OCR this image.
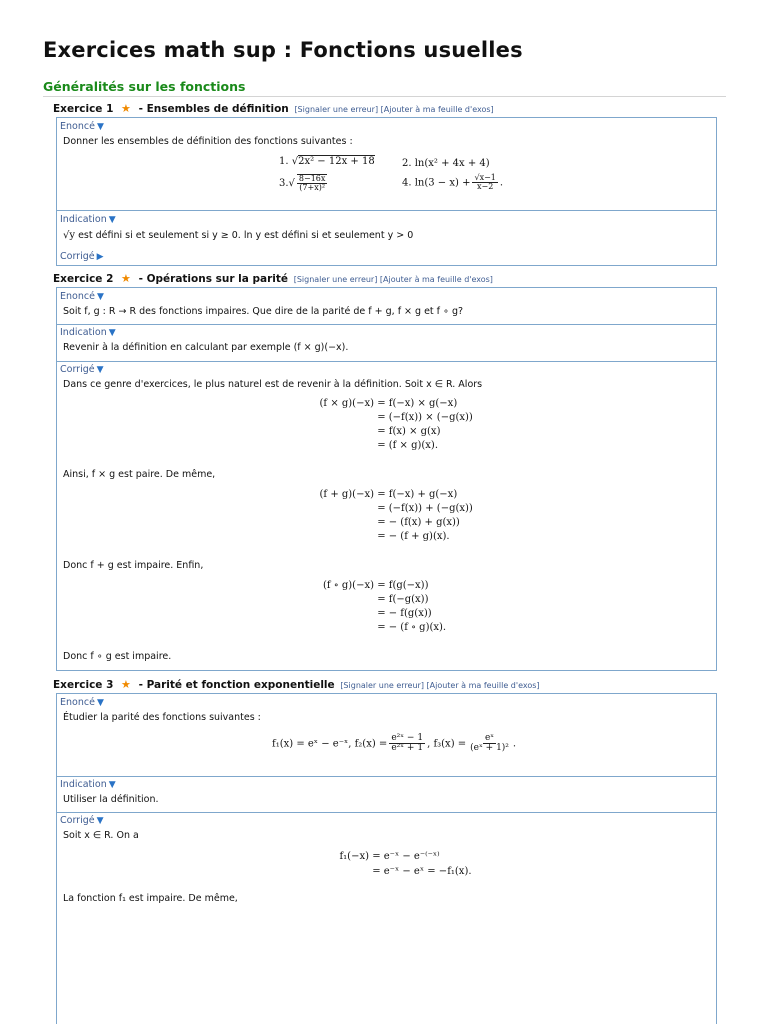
Exercices math sup : Fonctions usuelles
Généralités sur les fonctions
Exercice 1 ★ - Ensembles de définition [Signaler une erreur] [Ajouter à ma feuille d'exos]
Enoncé ▼
Donner les ensembles de définition des fonctions suivantes :
1. √2x² − 12x + 18	2. ln(x² + 4x + 4)
$3.√ \frac{8-16x}{\text{(7+x)²}}$	4. $\ln(3 - x) + \frac{√x-1}{x-2}$ .
Indication ▼
√y est défini si et seulement si y ≥ 0. ln y est défini si et seulement y > 0
Corrigé ▶
Exercice 2 ★ - Opérations sur la parité [Signaler une erreur] [Ajouter à ma feuille d'exos]
Enoncé ▼
Soit f, g : R → R des fonctions impaires. Que dire de la parité de f + g, f × g et f ∘ g?
Indication ▼
Revenir à la définition en calculant par exemple (f × g)(−x).
Corrigé ▼
Dans ce genre d'exercices, le plus naturel est de revenir à la définition. Soit x ∈ R. Alors
(f × g)(−x) = f(−x) × g(−x)
= (−f(x)) × (−g(x))
= f(x) × g(x)
= (f × g)(x).
Ainsi, f × g est paire. De même,
(f + g)(−x) = f(−x) + g(−x)
= (−f(x)) + (−g(x))
= − (f(x) + g(x))
= − (f + g)(x).
Donc f + g est impaire. Enfin,
(f ∘ g)(−x) = f(g(−x))
= f(−g(x))
= − f(g(x))
= − (f ∘ g)(x).
Donc f ∘ g est impaire.
Exercice 3 ★ - Parité et fonction exponentielle [Signaler une erreur] [Ajouter à ma feuille d'exos]
Enoncé ▼
Étudier la parité des fonctions suivantes :
f₁(x) = eˣ − e⁻ˣ, $f_2(x) = \frac{\text{e²ˣ − 1}}{\text{e²ˣ + 1}}$ , $f_3(x) = \frac{\text{eˣ}}{\text{(eˣ + 1)²}}$ .
Indication ▼
Utiliser la définition.
Corrigé ▼
Soit x ∈ R. On a
f₁(−x) = e⁻ˣ − e⁻⁽⁻ˣ⁾
= e⁻ˣ − eˣ = −f₁(x).
La fonction f₁ est impaire. De même,
